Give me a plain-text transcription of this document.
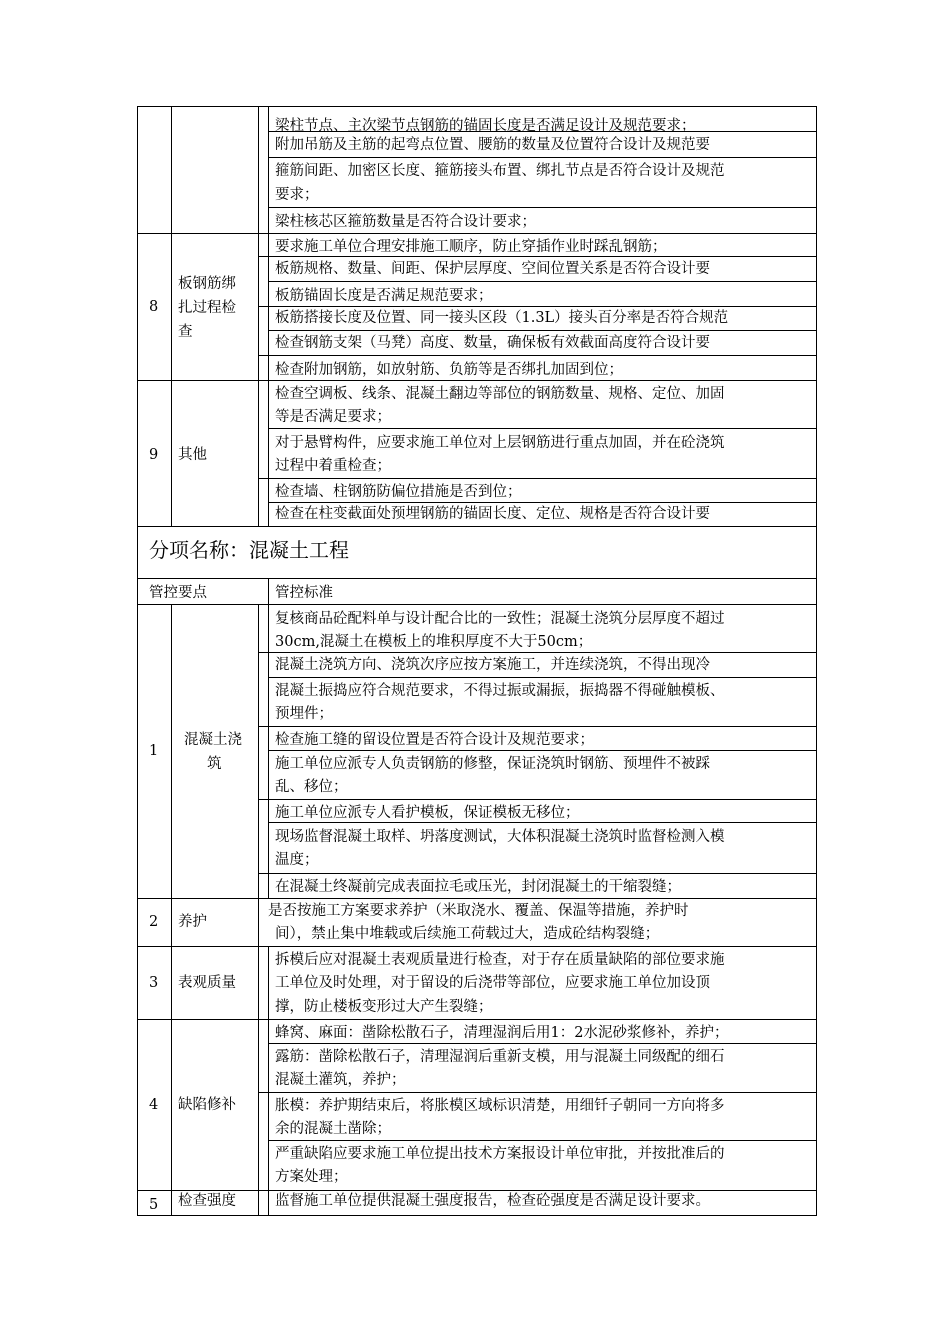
梁柱节点、主次梁节点钢筋的锚固长度是否满足设计及规范要求；
附加吊筋及主筋的起弯点位置、腰筋的数量及位置符合设计及规范要
箍筋间距、加密区长度、箍筋接头布置、绑扎节点是否符合设计及规范
要求；
梁柱核芯区箍筋数量是否符合设计要求；
8
板钢筋绑
扎过程检
查
要求施工单位合理安排施工顺序，防止穿插作业时踩乱钢筋；
板筋规格、数量、间距、保护层厚度、空间位置关系是否符合设计要
板筋锚固长度是否满足规范要求；
板筋搭接长度及位置、同一接头区段（1.3L）接头百分率是否符合规范
检查钢筋支架（马凳）高度、数量，确保板有效截面高度符合设计要
检查附加钢筋，如放射筋、负筋等是否绑扎加固到位；
9 其他
检查空调板、线条、混凝土翻边等部位的钢筋数量、规格、定位、加固
等是否满足要求；
对于悬臂构件，应要求施工单位对上层钢筋进行重点加固，并在砼浇筑
过程中着重检查；
检查墙、柱钢筋防偏位措施是否到位；
检查在柱变截面处预埋钢筋的锚固长度、定位、规格是否符合设计要
分项名称：混凝土工程
管控要点	管控标准
1
混凝土浇
筑
复核商品砼配料单与设计配合比的一致性；混凝土浇筑分层厚度不超过
30cm,混凝土在模板上的堆积厚度不大于50cm；
混凝土浇筑方向、浇筑次序应按方案施工，并连续浇筑，不得出现冷
混凝土振捣应符合规范要求，不得过振或漏振，振捣器不得碰触模板、
预埋件；
检查施工缝的留设位置是否符合设计及规范要求；
施工单位应派专人负责钢筋的修整，保证浇筑时钢筋、预埋件不被踩
乱、移位；
施工单位应派专人看护模板，保证模板无移位；
现场监督混凝土取样、坍落度测试，大体积混凝土浇筑时监督检测入模
温度；
在混凝土终凝前完成表面拉毛或压光，封闭混凝土的干缩裂缝；
2 养护
是否按施工方案要求养护（米取浇水、覆盖、保温等措施，养护时
间），禁止集中堆载或后续施工荷载过大，造成砼结构裂缝；
3 表观质量
拆模后应对混凝土表观质量进行检查，对于存在质量缺陷的部位要求施
工单位及时处理，对于留设的后浇带等部位，应要求施工单位加设顶
撑，防止楼板变形过大产生裂缝；
4 缺陷修补
蜂窝、麻面：凿除松散石子，清理湿润后用1：2水泥砂浆修补，养护；
露筋：凿除松散石子，清理湿润后重新支模，用与混凝土同级配的细石
混凝土灌筑，养护；
胀模：养护期结束后，将胀模区域标识清楚，用细钎子朝同一方向将多
余的混凝土凿除；
严重缺陷应要求施工单位提出技术方案报设计单位审批，并按批准后的
方案处理；
5 检查强度	监督施工单位提供混凝土强度报告，检查砼强度是否满足设计要求。
